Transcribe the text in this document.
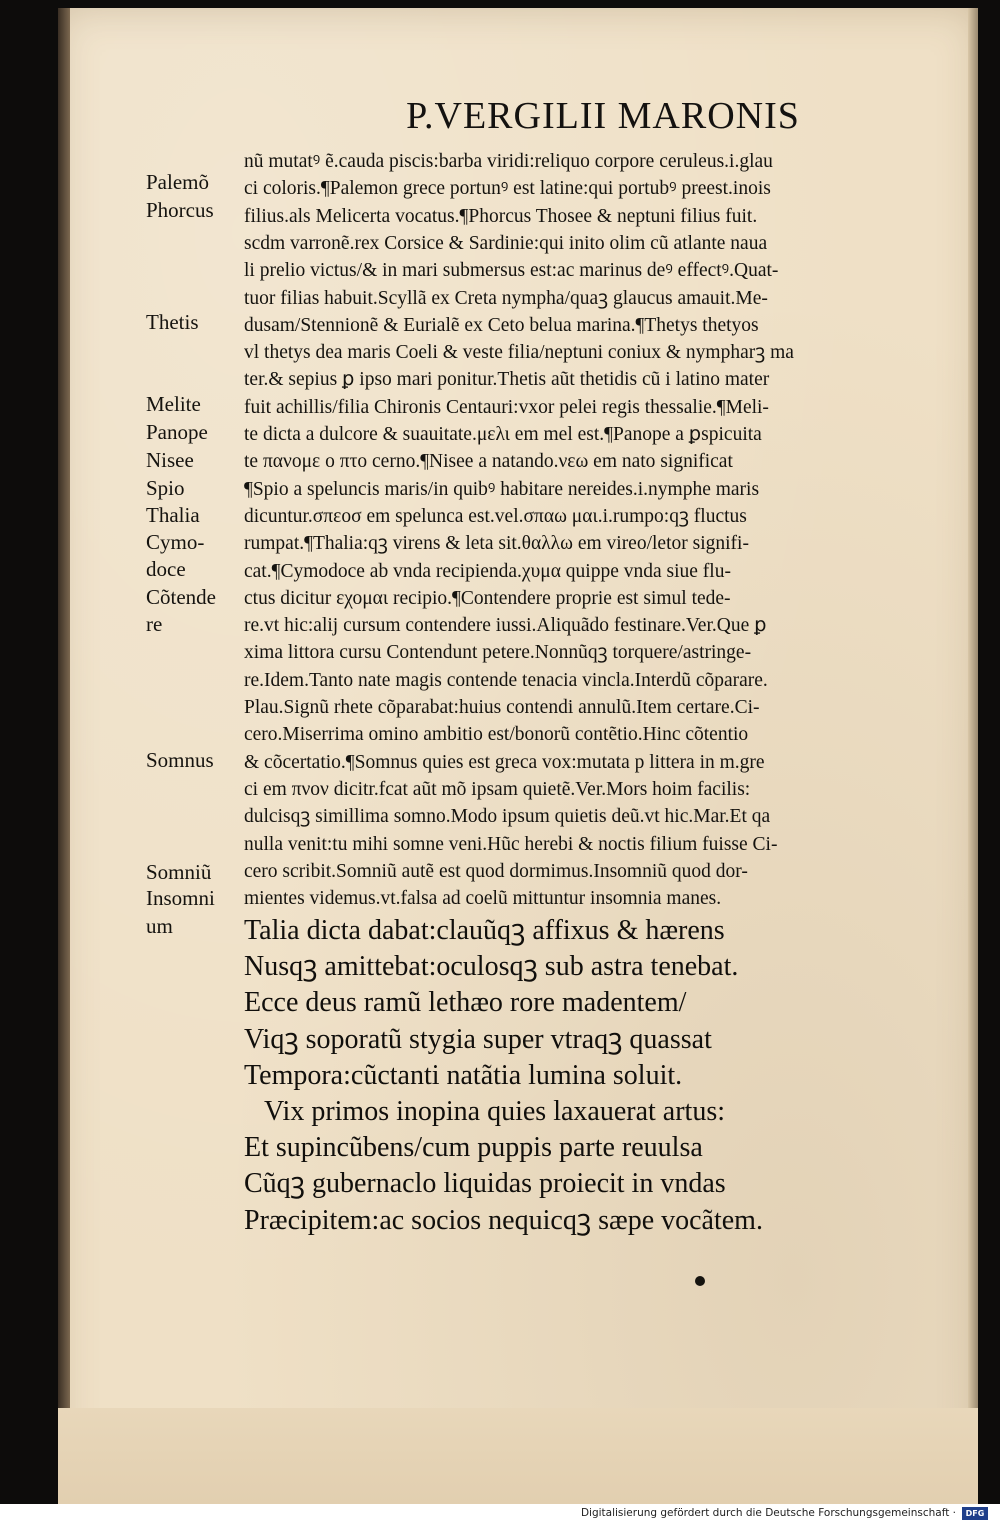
P.VERGILII MARONIS
Palemõ
Phorcus
Thetis
Melite
Panope
Nisee
Spio
Thalia
Cymo-
doce
Cõtende
re
Somnus
Somniũ
Insomni
um
nũ mutatꝰ ẽ.cauda piscis:barba viridi:reliquo corpore ceruleus.i.glau
ci coloris.¶Palemon grece portunꝰ est latine:qui portubꝰ preest.inois
filius.als Melicerta vocatus.¶Phorcus Thosee & neptuni filius fuit.
scdm varronẽ.rex Corsice & Sardinie:qui inito olim cũ atlante naua
li prelio victus/& in mari submersus est:ac marinus deꝰ effectꝰ.Quat-
tuor filias habuit.Scyllã ex Creta nympha/quaꝫ glaucus amauit.Me-
dusam/Stennionẽ & Eurialẽ ex Ceto belua marina.¶Thetys thetyos
vl thetys dea maris Coeli & veste filia/neptuni coniux & nympharꝫ ma
ter.& sepius ꝑ ipso mari ponitur.Thetis aũt thetidis cũ i latino mater
fuit achillis/filia Chironis Centauri:vxor pelei regis thessalie.¶Meli-
te dicta a dulcore & suauitate.μελι em mel est.¶Panope a ꝑspicuita
te πανομε ο πτο cerno.¶Nisee a natando.νεω em nato significat
¶Spio a speluncis maris/in quibꝰ habitare nereides.i.nymphe maris
dicuntur.σπεοσ em spelunca est.vel.σπαω μαι.i.rumpo:qꝫ fluctus
rumpat.¶Thalia:qꝫ virens & leta sit.θαλλω em vireo/letor signifi-
cat.¶Cymodoce ab vnda recipienda.χυμα quippe vnda siue flu-
ctus dicitur εχομαι recipio.¶Contendere proprie est simul tede-
re.vt hic:alij cursum contendere iussi.Aliquãdo festinare.Ver.Que ꝑ
xima littora cursu Contendunt petere.Nonnũqꝫ torquere/astringe-
re.Idem.Tanto nate magis contende tenacia vincla.Interdũ cõparare.
Plau.Signũ rhete cõparabat:huius contendi annulũ.Item certare.Ci-
cero.Miserrima omino ambitio est/bonorũ contẽtio.Hinc cõtentio
& cõcertatio.¶Somnus quies est greca vox:mutata p littera in m.gre
ci em πνον dicitr.fcat aũt mõ ipsam quietẽ.Ver.Mors hoim facilis:
dulcisqꝫ simillima somno.Modo ipsum quietis deũ.vt hic.Mar.Et qa
nulla venit:tu mihi somne veni.Hũc herebi & noctis filium fuisse Ci-
cero scribit.Somniũ autẽ est quod dormimus.Insomniũ quod dor-
mientes videmus.vt.falsa ad coelũ mittuntur insomnia manes.
Talia dicta dabat:clauũqꝫ affixus & hærens
Nusqꝫ amittebat:oculosqꝫ sub astra tenebat.
Ecce deus ramũ lethæo rore madentem/
Viqꝫ soporatũ stygia super vtraqꝫ quassat
Tempora:cũctanti natãtia lumina soluit.
Vix primos inopina quies laxauerat artus:
Et supincũbens/cum puppis parte reuulsa
Cũqꝫ gubernaclo liquidas proiecit in vndas
Præcipitem:ac socios nequicqꝫ sæpe vocãtem.
Digitalisierung gefördert durch die Deutsche Forschungsgemeinschaft ·	DFG
